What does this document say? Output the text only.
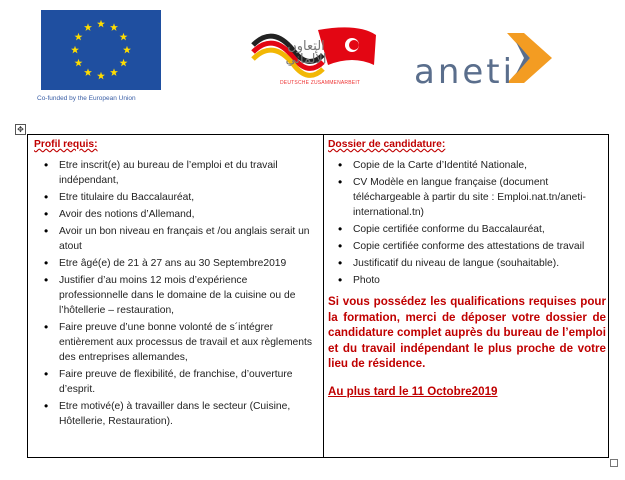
Co-funded by the European Union
التعاون الألماني
DEUTSCHE ZUSAMMENARBEIT aneti
✥
Profil requis:
• Etre inscrit(e) au bureau de l’emploi et du travail indépendant,
• Etre titulaire du Baccalauréat,
• Avoir des notions d’Allemand,
• Avoir un bon niveau en français et /ou anglais serait un atout
• Etre âgé(e) de 21 à 27 ans au 30 Septembre2019
• Justifier d’au moins 12 mois d’expérience professionnelle dans le domaine de la cuisine ou de l’hôtellerie – restauration,
• Faire preuve d’une bonne volonté de s´intégrer entièrement aux processus de travail et aux règlements des entreprises allemandes,
• Faire preuve de flexibilité, de franchise, d’ouverture d’esprit.
• Etre motivé(e) à travailler dans le secteur (Cuisine, Hôtellerie, Restauration).
Dossier de candidature:
• Copie de la Carte d’Identité Nationale,
• CV Modèle en langue française (document téléchargeable à partir du site : Emploi.nat.tn/aneti-international.tn)
• Copie certifiée conforme du Baccalauréat,
• Copie certifiée conforme des attestations de travail
• Justificatif du niveau de langue (souhaitable).
• Photo
Si vous possédez les qualifications requises pour la formation, merci de déposer votre dossier de candidature complet auprès du bureau de l’emploi et du travail indépendant le plus proche de votre lieu de résidence.
Au plus tard le 11 Octobre2019
